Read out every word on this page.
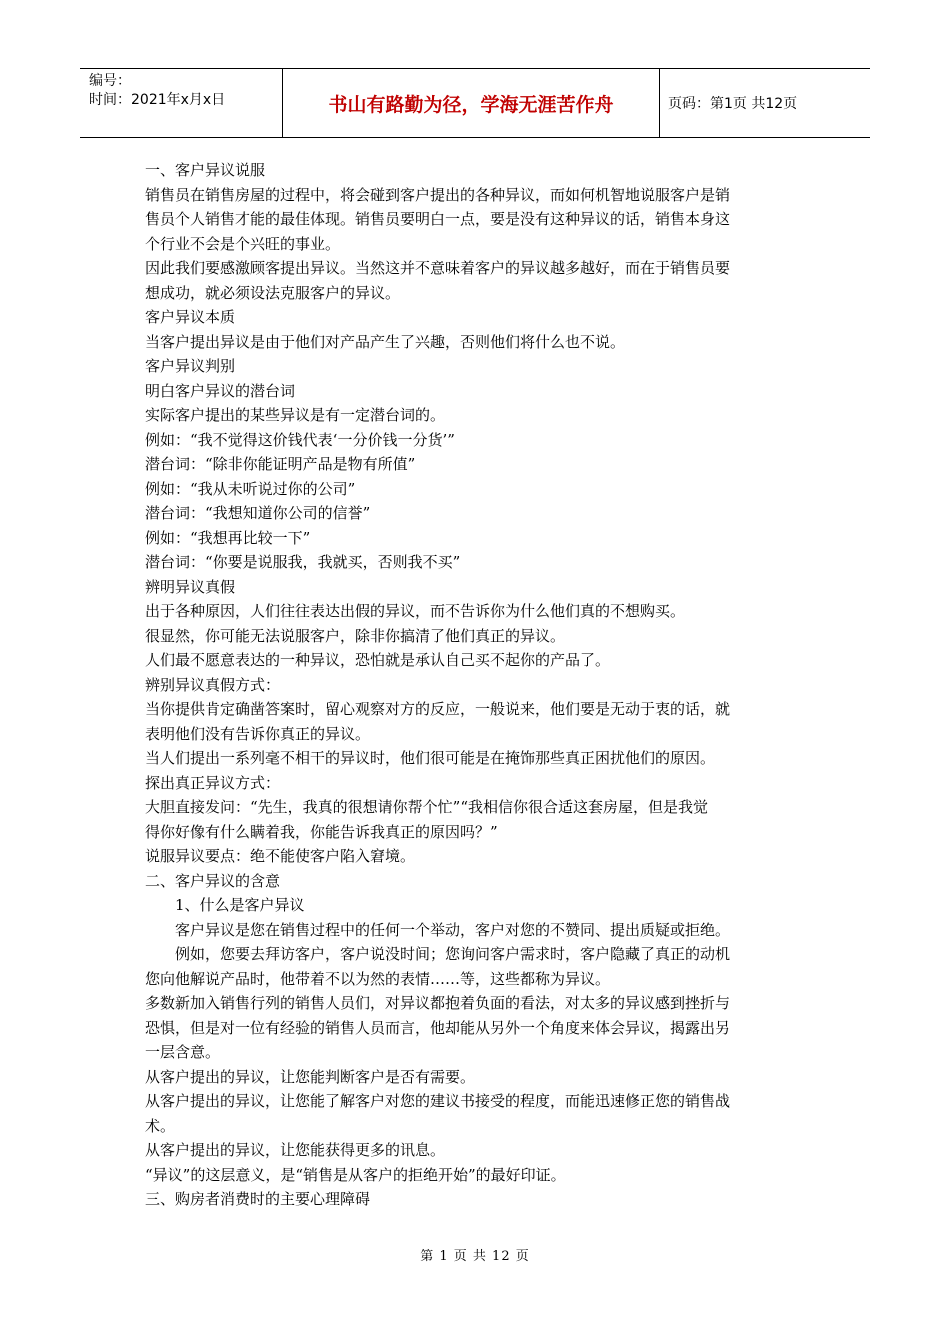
编号：
时间：2021年x月x日	书山有路勤为径，学海无涯苦作舟	页码：第1页 共12页
一、客户异议说服
销售员在销售房屋的过程中，将会碰到客户提出的各种异议，而如何机智地说服客户是销
售员个人销售才能的最佳体现。销售员要明白一点，要是没有这种异议的话，销售本身这
个行业不会是个兴旺的事业。
因此我们要感激顾客提出异议。当然这并不意味着客户的异议越多越好，而在于销售员要
想成功，就必须设法克服客户的异议。
客户异议本质
当客户提出异议是由于他们对产品产生了兴趣，否则他们将什么也不说。
客户异议判别
明白客户异议的潜台词
实际客户提出的某些异议是有一定潜台词的。
例如：“我不觉得这价钱代表‘一分价钱一分货’”
潜台词：“除非你能证明产品是物有所值”
例如：“我从未听说过你的公司”
潜台词：“我想知道你公司的信誉”
例如：“我想再比较一下”
潜台词：“你要是说服我，我就买，否则我不买”
辨明异议真假
出于各种原因，人们往往表达出假的异议，而不告诉你为什么他们真的不想购买。
很显然，你可能无法说服客户，除非你搞清了他们真正的异议。
人们最不愿意表达的一种异议，恐怕就是承认自己买不起你的产品了。
辨别异议真假方式：
当你提供肯定确凿答案时，留心观察对方的反应，一般说来，他们要是无动于衷的话，就
表明他们没有告诉你真正的异议。
当人们提出一系列毫不相干的异议时，他们很可能是在掩饰那些真正困扰他们的原因。
探出真正异议方式：
大胆直接发问：“先生，我真的很想请你帮个忙”“我相信你很合适这套房屋，但是我觉
得你好像有什么瞒着我，你能告诉我真正的原因吗？”
说服异议要点：绝不能使客户陷入窘境。
二、客户异议的含意
1、什么是客户异议
客户异议是您在销售过程中的任何一个举动，客户对您的不赞同、提出质疑或拒绝。
例如，您要去拜访客户，客户说没时间；您询问客户需求时，客户隐藏了真正的动机
您向他解说产品时，他带着不以为然的表情……等，这些都称为异议。
多数新加入销售行列的销售人员们，对异议都抱着负面的看法，对太多的异议感到挫折与
恐惧，但是对一位有经验的销售人员而言，他却能从另外一个角度来体会异议，揭露出另
一层含意。
从客户提出的异议，让您能判断客户是否有需要。
从客户提出的异议，让您能了解客户对您的建议书接受的程度，而能迅速修正您的销售战
术。
从客户提出的异议，让您能获得更多的讯息。
“异议”的这层意义，是“销售是从客户的拒绝开始”的最好印证。
三、购房者消费时的主要心理障碍
第 1 页 共 12 页
